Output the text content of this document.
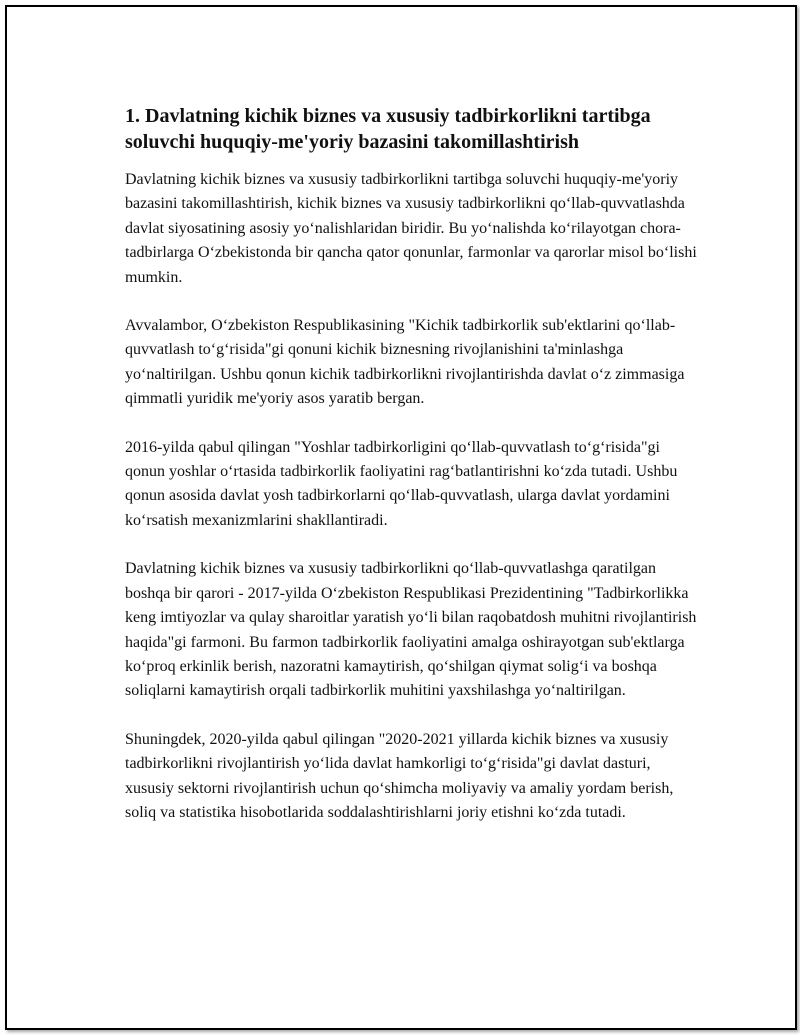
1. Davlatning kichik biznes va xususiy tadbirkorlikni tartibga soluvchi huquqiy-me'yoriy bazasini takomillashtirish

Davlatning kichik biznes va xususiy tadbirkorlikni tartibga soluvchi huquqiy-me'yoriy bazasini takomillashtirish, kichik biznes va xususiy tadbirkorlikni qo‘llab-quvvatlashda davlat siyosatining asosiy yo‘nalishlaridan biridir. Bu yo‘nalishda ko‘rilayotgan chora-tadbirlarga O‘zbekistonda bir qancha qator qonunlar, farmonlar va qarorlar misol bo‘lishi mumkin.

Avvalambor, O‘zbekiston Respublikasining "Kichik tadbirkorlik sub'ektlarini qo‘llab-quvvatlash to‘g‘risida"gi qonuni kichik biznesning rivojlanishini ta'minlashga yo‘naltirilgan. Ushbu qonun kichik tadbirkorlikni rivojlantirishda davlat o‘z zimmasiga qimmatli yuridik me'yoriy asos yaratib bergan.

2016-yilda qabul qilingan "Yoshlar tadbirkorligini qo‘llab-quvvatlash to‘g‘risida"gi qonun yoshlar o‘rtasida tadbirkorlik faoliyatini rag‘batlantirishni ko‘zda tutadi. Ushbu qonun asosida davlat yosh tadbirkorlarni qo‘llab-quvvatlash, ularga davlat yordamini ko‘rsatish mexanizmlarini shakllantiradi.

Davlatning kichik biznes va xususiy tadbirkorlikni qo‘llab-quvvatlashga qaratilgan boshqa bir qarori - 2017-yilda O‘zbekiston Respublikasi Prezidentining "Tadbirkorlikka keng imtiyozlar va qulay sharoitlar yaratish yo‘li bilan raqobatdosh muhitni rivojlantirish haqida"gi farmoni. Bu farmon tadbirkorlik faoliyatini amalga oshirayotgan sub'ektlarga ko‘proq erkinlik berish, nazoratni kamaytirish, qo‘shilgan qiymat solig‘i va boshqa soliqlarni kamaytirish orqali tadbirkorlik muhitini yaxshilashga yo‘naltirilgan.

Shuningdek, 2020-yilda qabul qilingan "2020-2021 yillarda kichik biznes va xususiy tadbirkorlikni rivojlantirish yo‘lida davlat hamkorligi to‘g‘risida"gi davlat dasturi, xususiy sektorni rivojlantirish uchun qo‘shimcha moliyaviy va amaliy yordam berish, soliq va statistika hisobotlarida soddalashtirishlarni joriy etishni ko‘zda tutadi.
